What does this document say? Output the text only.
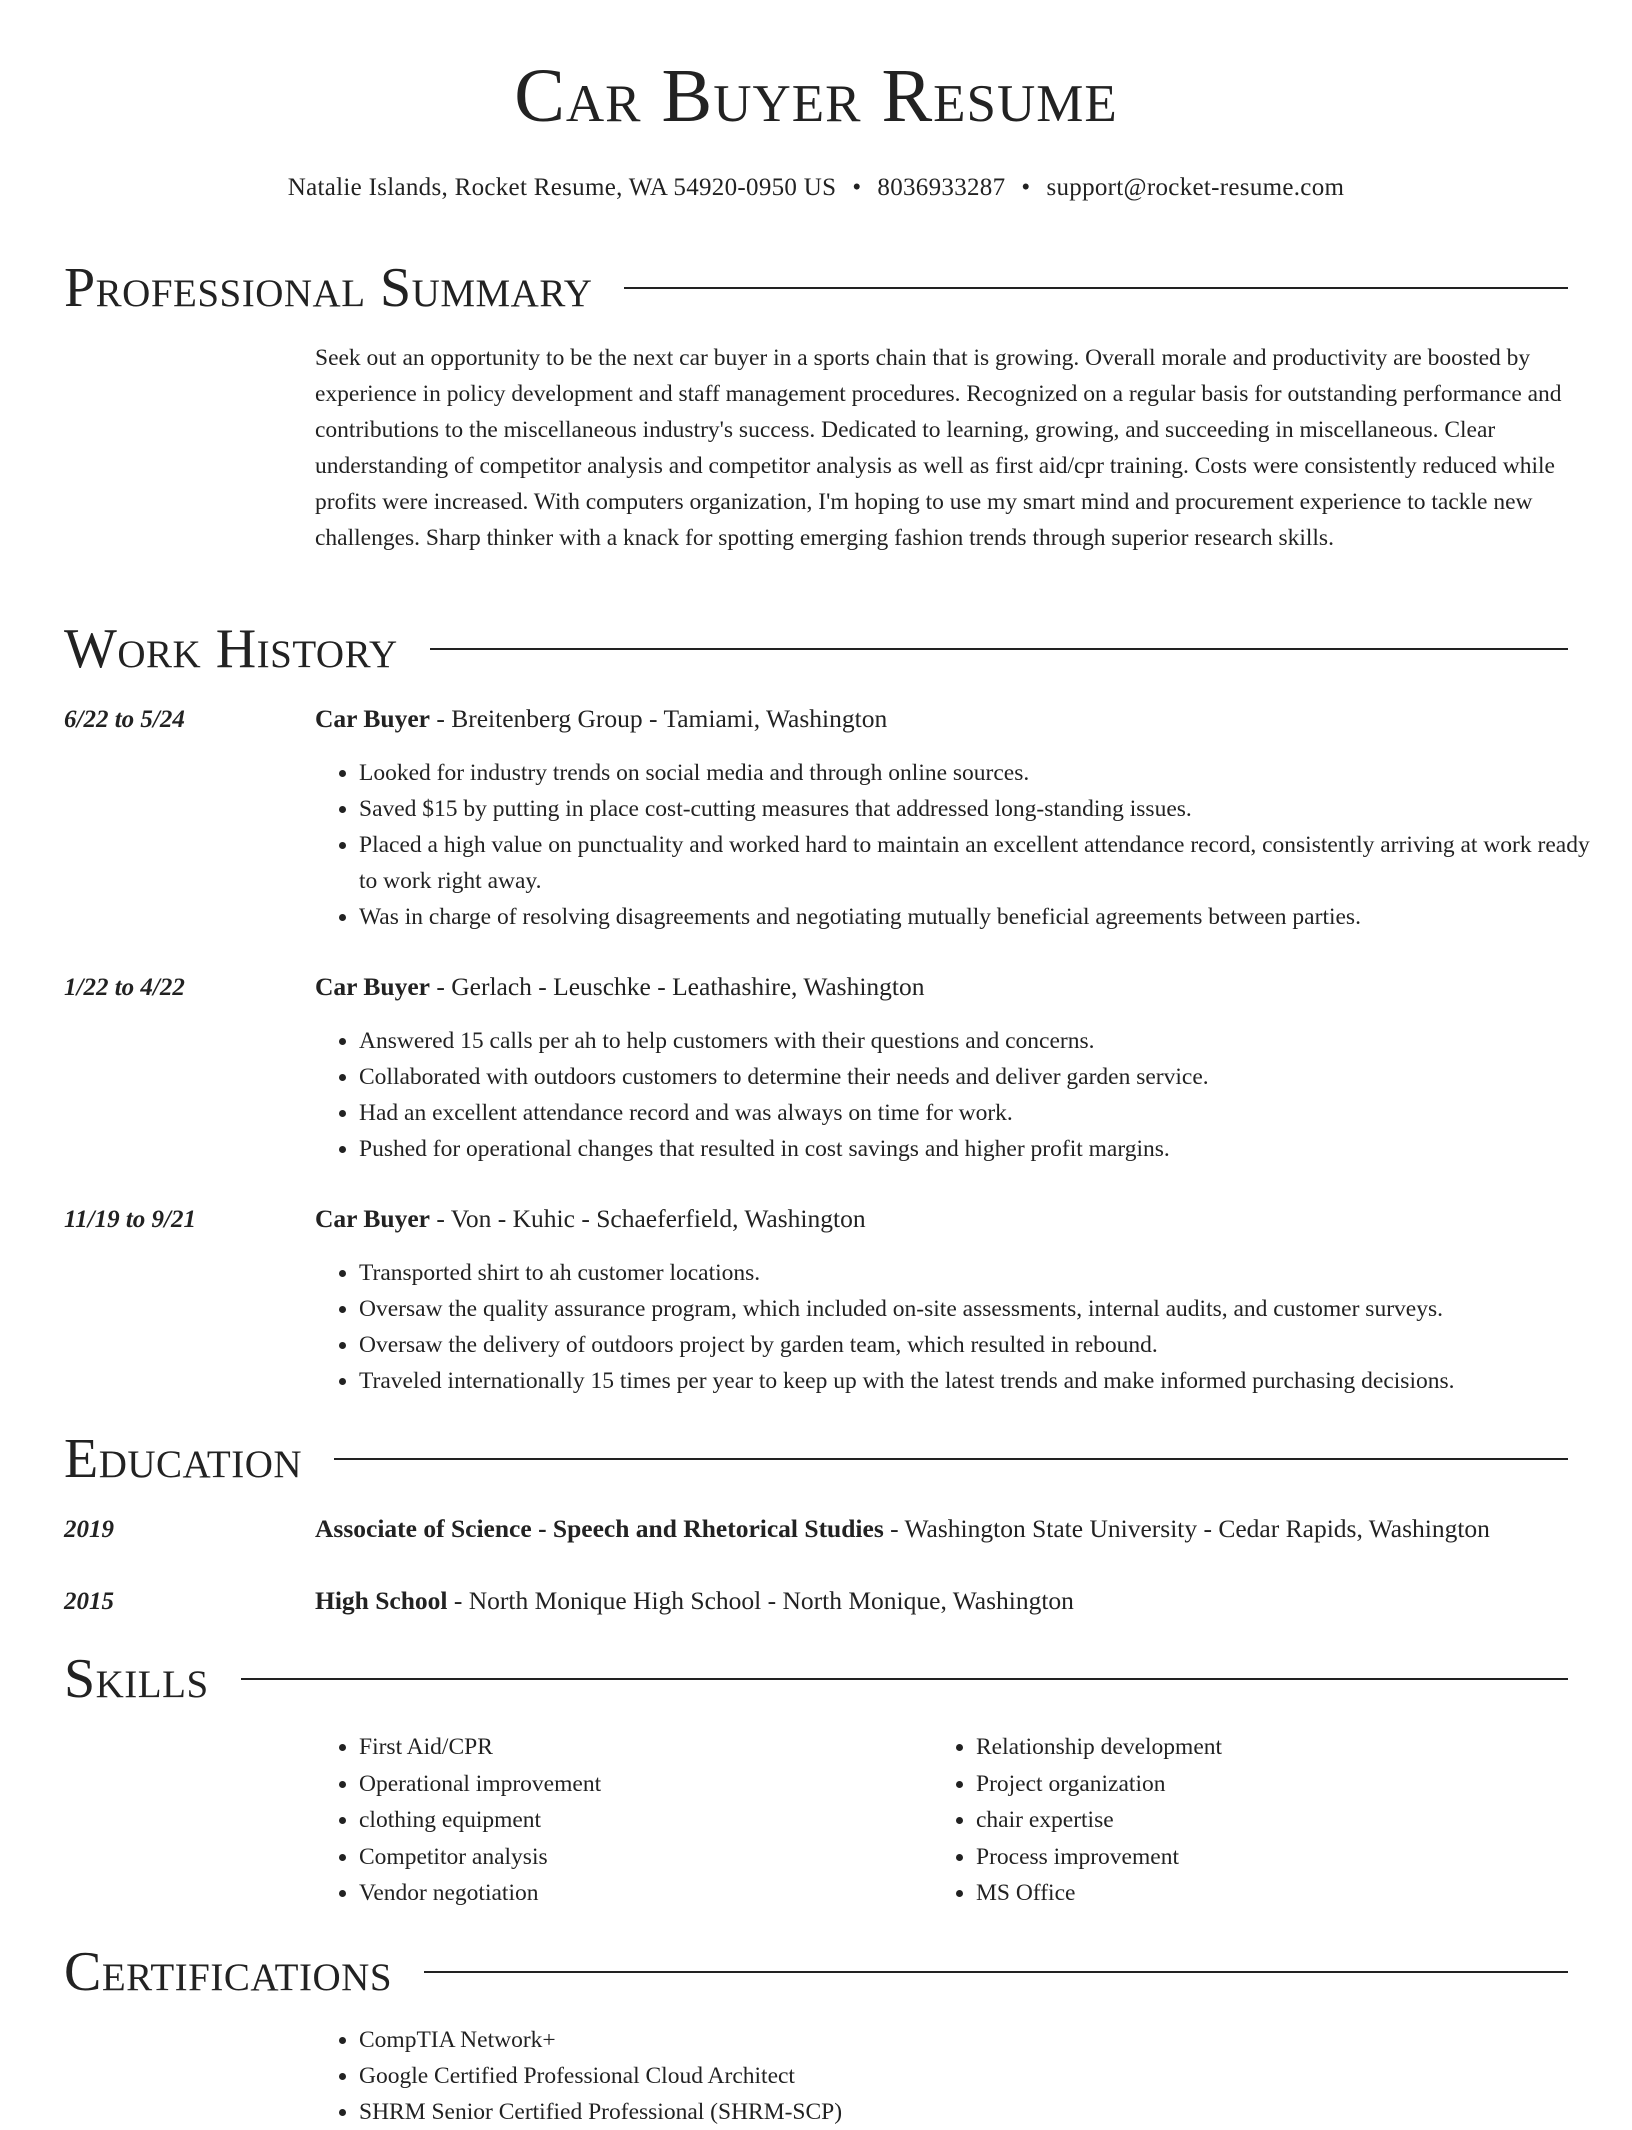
Car Buyer Resume
Natalie Islands, Rocket Resume, WA 54920-0950 US • 8036933287 • support@rocket-resume.com
Professional Summary

Seek out an opportunity to be the next car buyer in a sports chain that is growing. Overall morale and productivity are boosted by experience in policy development and staff management procedures. Recognized on a regular basis for outstanding performance and contributions to the miscellaneous industry's success. Dedicated to learning, growing, and succeeding in miscellaneous. Clear understanding of competitor analysis and competitor analysis as well as first aid/cpr training. Costs were consistently reduced while profits were increased. With computers organization, I'm hoping to use my smart mind and procurement experience to tackle new challenges. Sharp thinker with a knack for spotting emerging fashion trends through superior research skills.

Work History
6/22 to 5/24	Car Buyer - Breitenberg Group - Tamiami, Washington
• Looked for industry trends on social media and through online sources.
• Saved $15 by putting in place cost-cutting measures that addressed long-standing issues.
• Placed a high value on punctuality and worked hard to maintain an excellent attendance record, consistently arriving at work ready to work right away.
• Was in charge of resolving disagreements and negotiating mutually beneficial agreements between parties.
1/22 to 4/22	Car Buyer - Gerlach - Leuschke - Leathashire, Washington
• Answered 15 calls per ah to help customers with their questions and concerns.
• Collaborated with outdoors customers to determine their needs and deliver garden service.
• Had an excellent attendance record and was always on time for work.
• Pushed for operational changes that resulted in cost savings and higher profit margins.
11/19 to 9/21	Car Buyer - Von - Kuhic - Schaeferfield, Washington
• Transported shirt to ah customer locations.
• Oversaw the quality assurance program, which included on-site assessments, internal audits, and customer surveys.
• Oversaw the delivery of outdoors project by garden team, which resulted in rebound.
• Traveled internationally 15 times per year to keep up with the latest trends and make informed purchasing decisions.
Education
2019	Associate of Science - Speech and Rhetorical Studies - Washington State University - Cedar Rapids, Washington
2015	High School - North Monique High School - North Monique, Washington
Skills
• First Aid/CPR
• Operational improvement
• clothing equipment
• Competitor analysis
• Vendor negotiation
• Relationship development
• Project organization
• chair expertise
• Process improvement
• MS Office
Certifications
• CompTIA Network+
• Google Certified Professional Cloud Architect
• SHRM Senior Certified Professional (SHRM-SCP)
